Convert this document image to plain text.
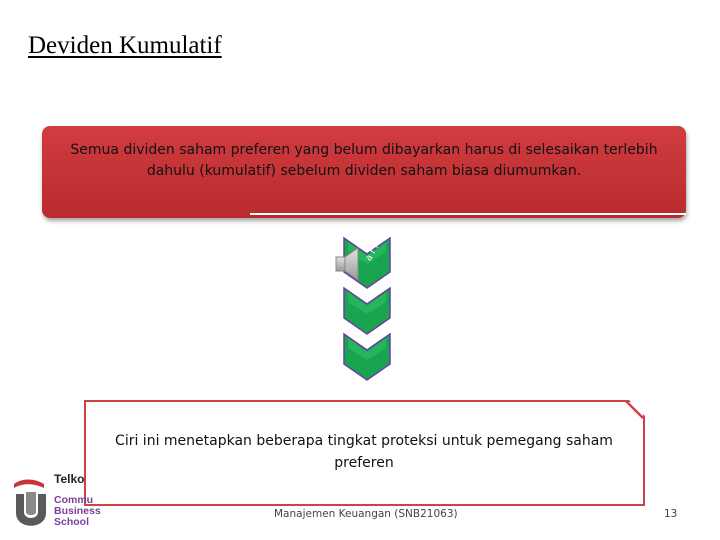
Deviden Kumulatif
Semua dividen saham preferen yang belum dibayarkan harus di selesaikan terlebih dahulu (kumulatif) sebelum dividen saham biasa diumumkan.
a r r o w
Ciri ini menetapkan beberapa tingkat proteksi untuk pemegang saham preferen
Telko
Commu
Business
School
Manajemen Keuangan (SNB21063)	13
